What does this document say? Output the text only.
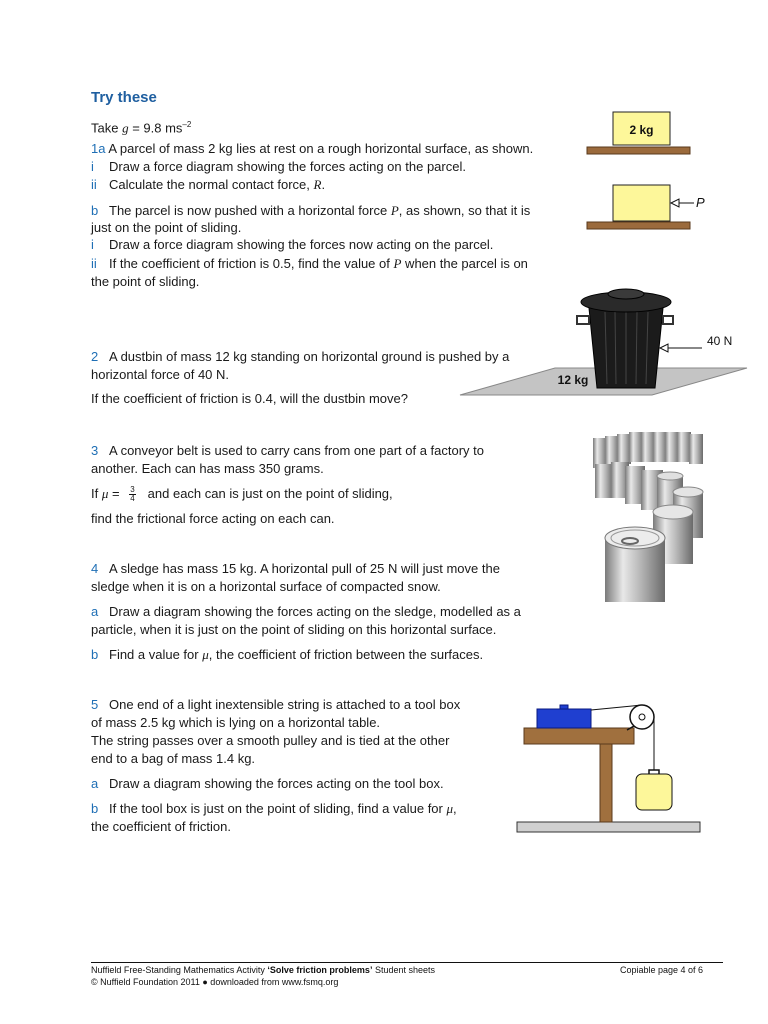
Try these
Take g = 9.8 $ms^{-2}$
1a A parcel of mass 2 kg lies at rest on a rough horizontal surface, as shown.
i Draw a force diagram showing the forces acting on the parcel.
ii Calculate the normal contact force, R.
b The parcel is now pushed with a horizontal force P, as shown, so that it is
just on the point of sliding.
i Draw a force diagram showing the forces now acting on the parcel.
ii If the coefficient of friction is 0.5, find the value of P when the parcel is on
the point of sliding.
2 kg
P
2 A dustbin of mass 12 kg standing on horizontal ground is pushed by a
horizontal force of 40 N.
If the coefficient of friction is 0.4, will the dustbin move?
12 kg
40 N
3 A conveyor belt is used to carry cans from one part of a factory to
another. Each can has mass 350 grams.
If $\mu = \frac{3}{4}$ and each can is just on the point of sliding,
find the frictional force acting on each can.
4 A sledge has mass 15 kg. A horizontal pull of 25 N will just move the
sledge when it is on a horizontal surface of compacted snow.
a Draw a diagram showing the forces acting on the sledge, modelled as a
particle, when it is just on the point of sliding on this horizontal surface.
b Find a value for μ, the coefficient of friction between the surfaces.
5 One end of a light inextensible string is attached to a tool box
of mass 2.5 kg which is lying on a horizontal table.
The string passes over a smooth pulley and is tied at the other
end to a bag of mass 1.4 kg.
a Draw a diagram showing the forces acting on the tool box.
b If the tool box is just on the point of sliding, find a value for μ,
the coefficient of friction.
Nuffield Free-Standing Mathematics Activity ‘Solve friction problems’ Student sheets	Copiable page 4 of 6
© Nuffield Foundation 2011 ● downloaded from www.fsmq.org
